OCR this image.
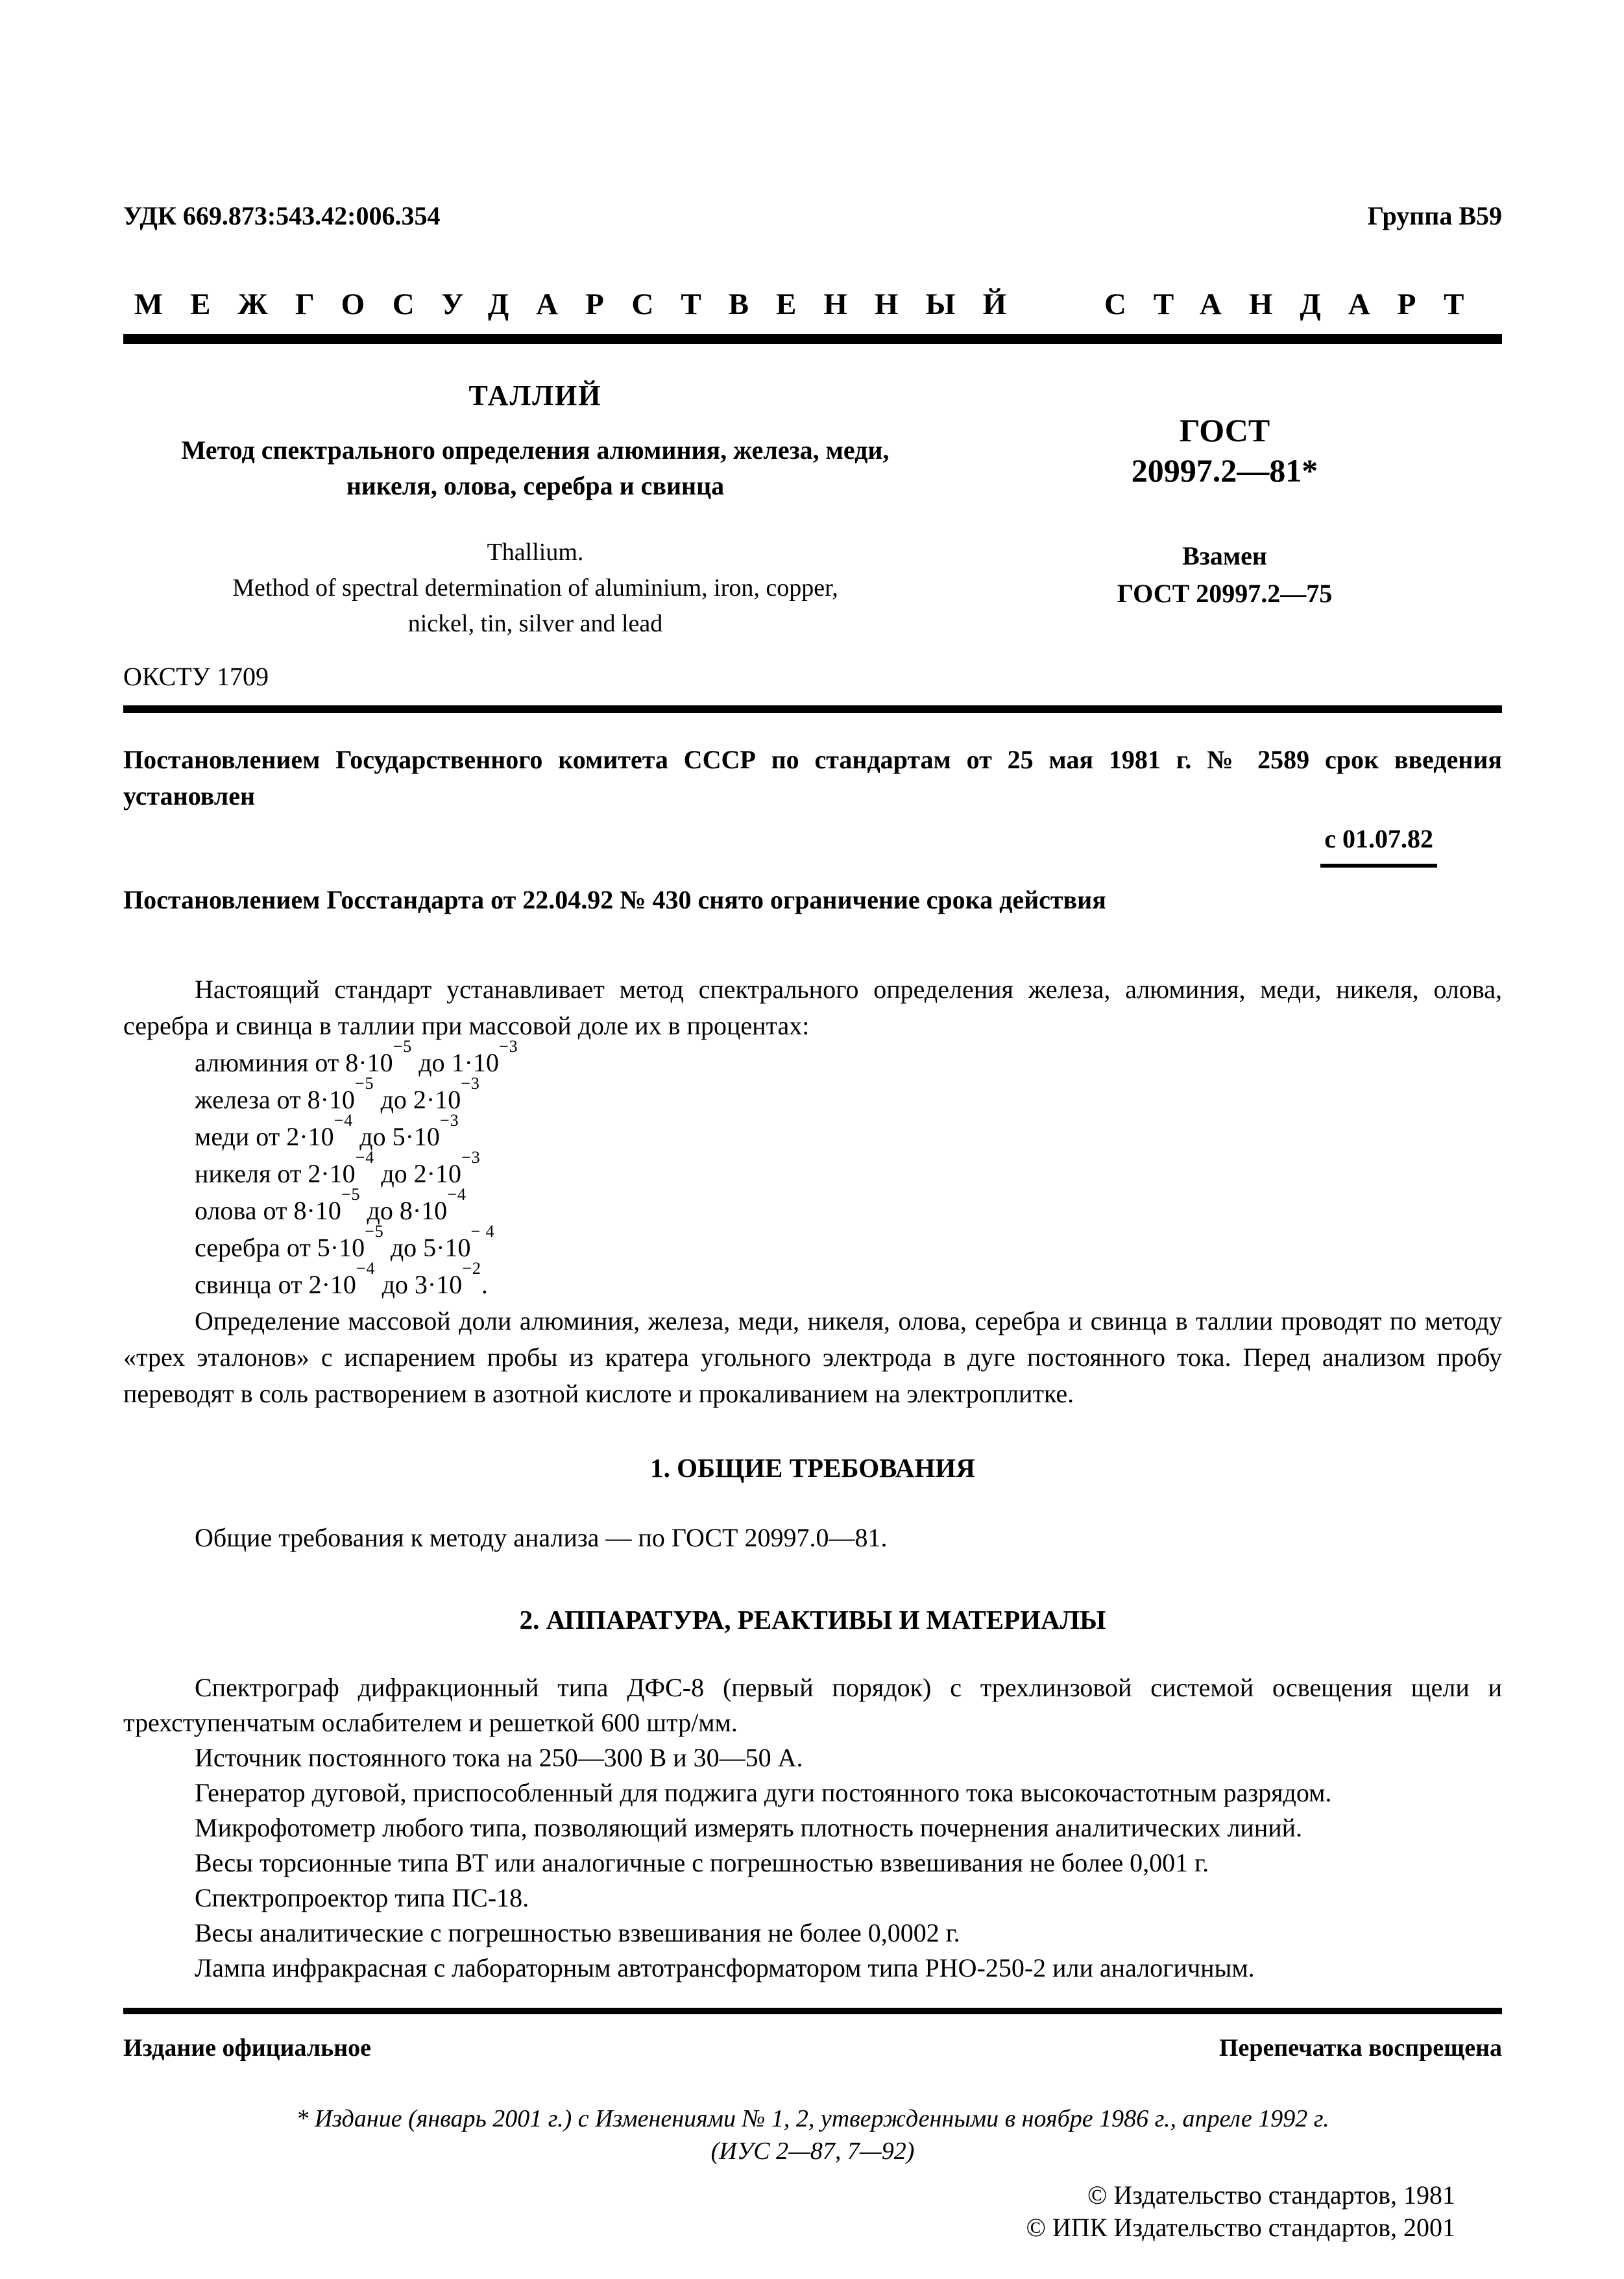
УДК 669.873:543.42:006.354	Группа В59
МЕЖГОСУДАРСТВЕННЫЙ СТАНДАРТ
ТАЛЛИЙ
Метод спектрального определения алюминия, железа, меди,
никеля, олова, серебра и свинца
Thallium.
Method of spectral determination of aluminium, iron, copper,
nickel, tin, silver and lead
ГОСТ
20997.2—81*
Взамен
ГОСТ 20997.2—75
ОКСТУ 1709

Постановлением Государственного комитета СССР по стандартам от 25 мая 1981 г. № 2589 срок введения установлен

с 01.07.82

Постановлением Госстандарта от 22.04.92 № 430 снято ограничение срока действия

Настоящий стандарт устанавливает метод спектрального определения железа, алюминия, меди, никеля, олова, серебра и свинца в таллии при массовой доле их в процентах:

алюминия от $8\cdot 10^{-5}$ до $1\cdot 10^{-3}$
железа от $8\cdot 10^{-5}$ до $2\cdot 10^{-3}$
меди от $2\cdot 10^{-4}$ до $5\cdot 10^{-3}$
никеля от $2\cdot 10^{-4}$ до $2\cdot 10^{-3}$
олова от $8\cdot 10^{-5}$ до $8\cdot 10^{-4}$
серебра от $5\cdot 10^{-5}$ до $5\cdot 10^{- 4}$
свинца от $2\cdot 10^{-4}$ до $3\cdot 10^{-2}$.

Определение массовой доли алюминия, железа, меди, никеля, олова, серебра и свинца в таллии проводят по методу «трех эталонов» с испарением пробы из кратера угольного электрода в дуге постоянного тока. Перед анализом пробу переводят в соль растворением в азотной кислоте и прокаливанием на электроплитке.

1. ОБЩИЕ ТРЕБОВАНИЯ

Общие требования к методу анализа — по ГОСТ 20997.0—81.

2. АППАРАТУРА, РЕАКТИВЫ И МАТЕРИАЛЫ

Спектрограф дифракционный типа ДФС-8 (первый порядок) с трехлинзовой системой освещения щели и трехступенчатым ослабителем и решеткой 600 штр/мм.

Источник постоянного тока на 250—300 В и 30—50 А.

Генератор дуговой, приспособленный для поджига дуги постоянного тока высокочастотным разрядом.

Микрофотометр любого типа, позволяющий измерять плотность почернения аналитических линий.

Весы торсионные типа ВТ или аналогичные с погрешностью взвешивания не более 0,001 г.

Спектропроектор типа ПС-18.

Весы аналитические с погрешностью взвешивания не более 0,0002 г.

Лампа инфракрасная с лабораторным автотрансформатором типа РНО-250-2 или аналогичным.

Издание официальное	Перепечатка воспрещена
* Издание (январь 2001 г.) с Изменениями № 1, 2, утвержденными в ноябре 1986 г., апреле 1992 г.
(ИУС 2—87, 7—92)
© Издательство стандартов, 1981
© ИПК Издательство стандартов, 2001
